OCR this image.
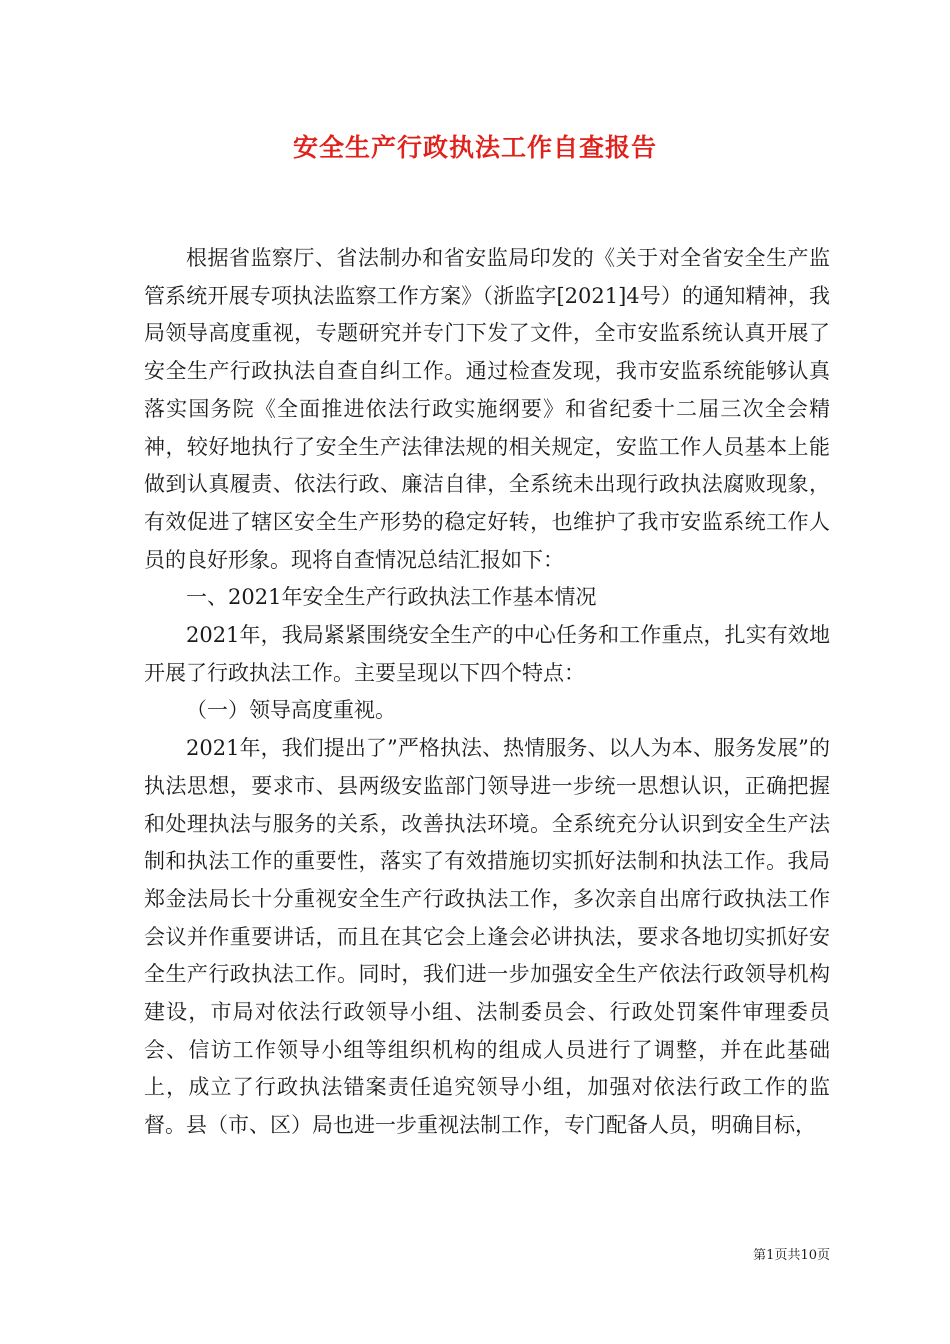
安全生产行政执法工作自查报告

根据省监察厅、省法制办和省安监局印发的《关于对全省安全生产监管系统开展专项执法监察工作方案》（浙监字[2021]4号）的通知精神，我局领导高度重视，专题研究并专门下发了文件，全市安监系统认真开展了安全生产行政执法自查自纠工作。通过检查发现，我市安监系统能够认真落实国务院《全面推进依法行政实施纲要》和省纪委十二届三次全会精神，较好地执行了安全生产法律法规的相关规定，安监工作人员基本上能做到认真履责、依法行政、廉洁自律，全系统未出现行政执法腐败现象，有效促进了辖区安全生产形势的稳定好转，也维护了我市安监系统工作人员的良好形象。现将自查情况总结汇报如下：

一、2021年安全生产行政执法工作基本情况

2021年，我局紧紧围绕安全生产的中心任务和工作重点，扎实有效地开展了行政执法工作。主要呈现以下四个特点：

（一）领导高度重视。

2021年，我们提出了”严格执法、热情服务、以人为本、服务发展”的执法思想，要求市、县两级安监部门领导进一步统一思想认识，正确把握和处理执法与服务的关系，改善执法环境。全系统充分认识到安全生产法制和执法工作的重要性，落实了有效措施切实抓好法制和执法工作。我局郑金法局长十分重视安全生产行政执法工作，多次亲自出席行政执法工作会议并作重要讲话，而且在其它会上逢会必讲执法，要求各地切实抓好安全生产行政执法工作。同时，我们进一步加强安全生产依法行政领导机构建设，市局对依法行政领导小组、法制委员会、行政处罚案件审理委员会、信访工作领导小组等组织机构的组成人员进行了调整，并在此基础上，成立了行政执法错案责任追究领导小组，加强对依法行政工作的监督。县（市、区）局也进一步重视法制工作，专门配备人员，明确目标，

第1页共10页
